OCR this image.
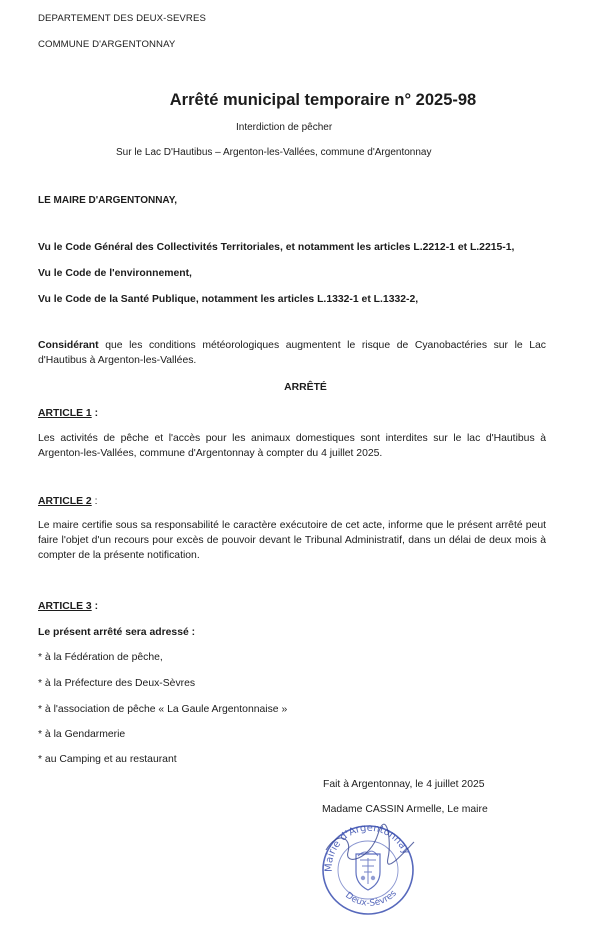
DEPARTEMENT DES DEUX-SEVRES
COMMUNE D'ARGENTONNAY
Arrêté municipal temporaire n° 2025-98
Interdiction de pêcher
Sur le Lac D'Hautibus – Argenton-les-Vallées, commune d'Argentonnay
LE MAIRE D'ARGENTONNAY,
Vu le Code Général des Collectivités Territoriales, et notamment les articles L.2212-1 et L.2215-1,
Vu le Code de l'environnement,
Vu le Code de la Santé Publique, notamment les articles L.1332-1 et L.1332-2,
Considérant que les conditions météorologiques augmentent le risque de Cyanobactéries sur le Lac d'Hautibus à Argenton-les-Vallées.
ARRÊTÉ
ARTICLE 1 :
Les activités de pêche et l'accès pour les animaux domestiques sont interdites sur le lac d'Hautibus à Argenton-les-Vallées, commune d'Argentonnay à compter du 4 juillet 2025.
ARTICLE 2 :
Le maire certifie sous sa responsabilité le caractère exécutoire de cet acte, informe que le présent arrêté peut faire l'objet d'un recours pour excès de pouvoir devant le Tribunal Administratif, dans un délai de deux mois à compter de la présente notification.
ARTICLE 3 :
Le présent arrêté sera adressé :
* à la Fédération de pêche,
* à la Préfecture des Deux-Sèvres
* à l'association de pêche « La Gaule Argentonnaise »
* à la Gendarmerie
* au Camping et au restaurant
Fait à Argentonnay, le 4 juillet 2025
Madame CASSIN Armelle, Le maire
Mairie d'Argentonnay
Deux-Sèvres
